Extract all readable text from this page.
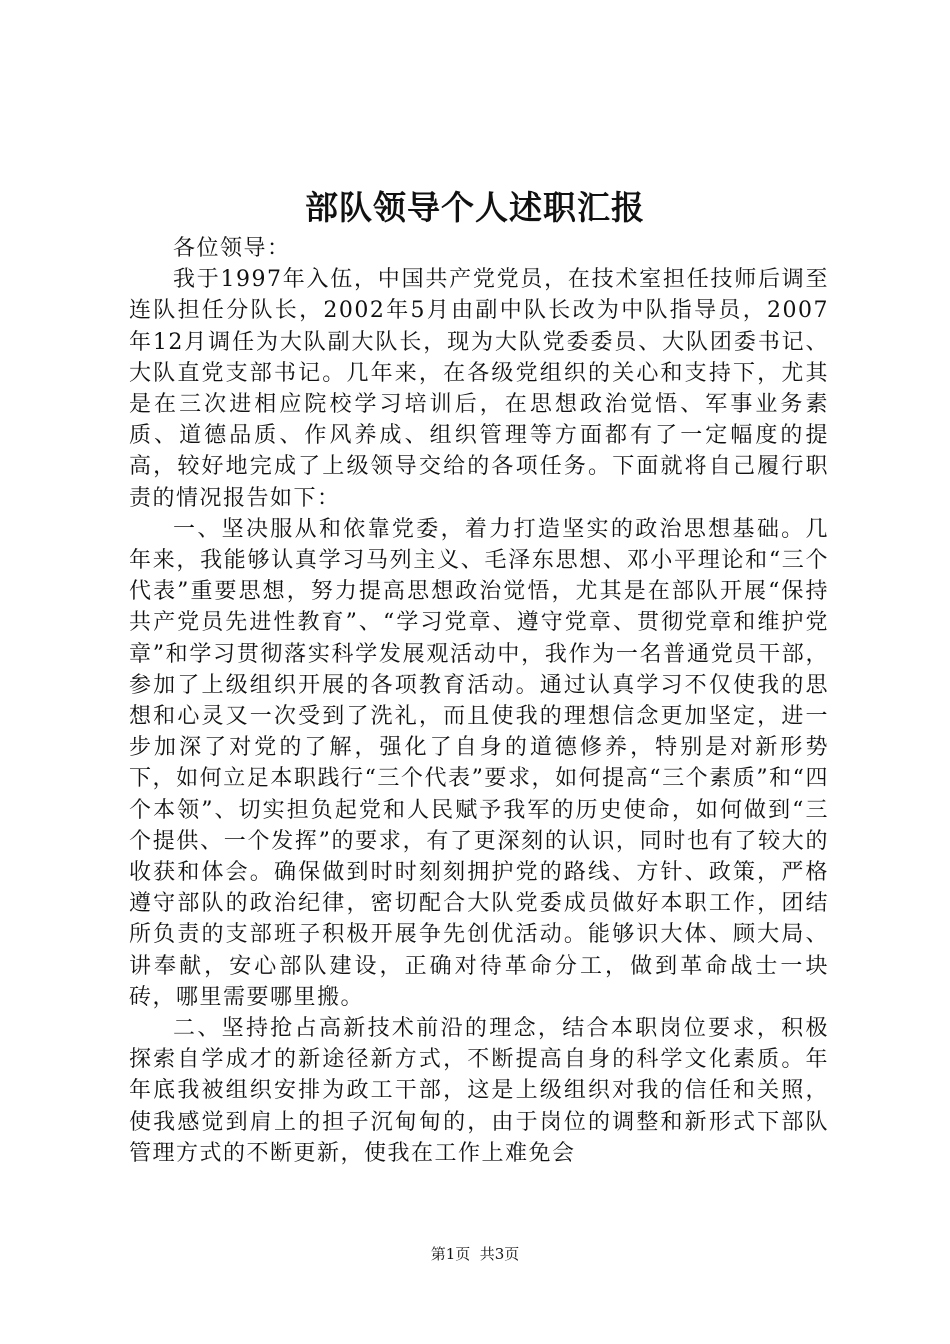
部队领导个人述职汇报

各位领导：

我于1997年入伍，中国共产党党员，在技术室担任技师后调至连队担任分队长，2002年5月由副中队长改为中队指导员，2007年12月调任为大队副大队长，现为大队党委委员、大队团委书记、大队直党支部书记。几年来，在各级党组织的关心和支持下，尤其是在三次进相应院校学习培训后，在思想政治觉悟、军事业务素质、道德品质、作风养成、组织管理等方面都有了一定幅度的提高，较好地完成了上级领导交给的各项任务。下面就将自己履行职责的情况报告如下：

一、坚决服从和依靠党委，着力打造坚实的政治思想基础。几年来，我能够认真学习马列主义、毛泽东思想、邓小平理论和“三个代表”重要思想，努力提高思想政治觉悟，尤其是在部队开展“保持共产党员先进性教育”、“学习党章、遵守党章、贯彻党章和维护党章”和学习贯彻落实科学发展观活动中，我作为一名普通党员干部，参加了上级组织开展的各项教育活动。通过认真学习不仅使我的思想和心灵又一次受到了洗礼，而且使我的理想信念更加坚定，进一步加深了对党的了解，强化了自身的道德修养，特别是对新形势下，如何立足本职践行“三个代表”要求，如何提高“三个素质”和“四个本领”、切实担负起党和人民赋予我军的历史使命，如何做到“三个提供、一个发挥”的要求，有了更深刻的认识，同时也有了较大的收获和体会。确保做到时时刻刻拥护党的路线、方针、政策，严格遵守部队的政治纪律，密切配合大队党委成员做好本职工作，团结所负责的支部班子积极开展争先创优活动。能够识大体、顾大局、讲奉献，安心部队建设，正确对待革命分工，做到革命战士一块砖，哪里需要哪里搬。

二、坚持抢占高新技术前沿的理念，结合本职岗位要求，积极探索自学成才的新途径新方式，不断提高自身的科学文化素质。年年底我被组织安排为政工干部，这是上级组织对我的信任和关照，使我感觉到肩上的担子沉甸甸的，由于岗位的调整和新形式下部队管理方式的不断更新，使我在工作上难免会

第1页  共3页
